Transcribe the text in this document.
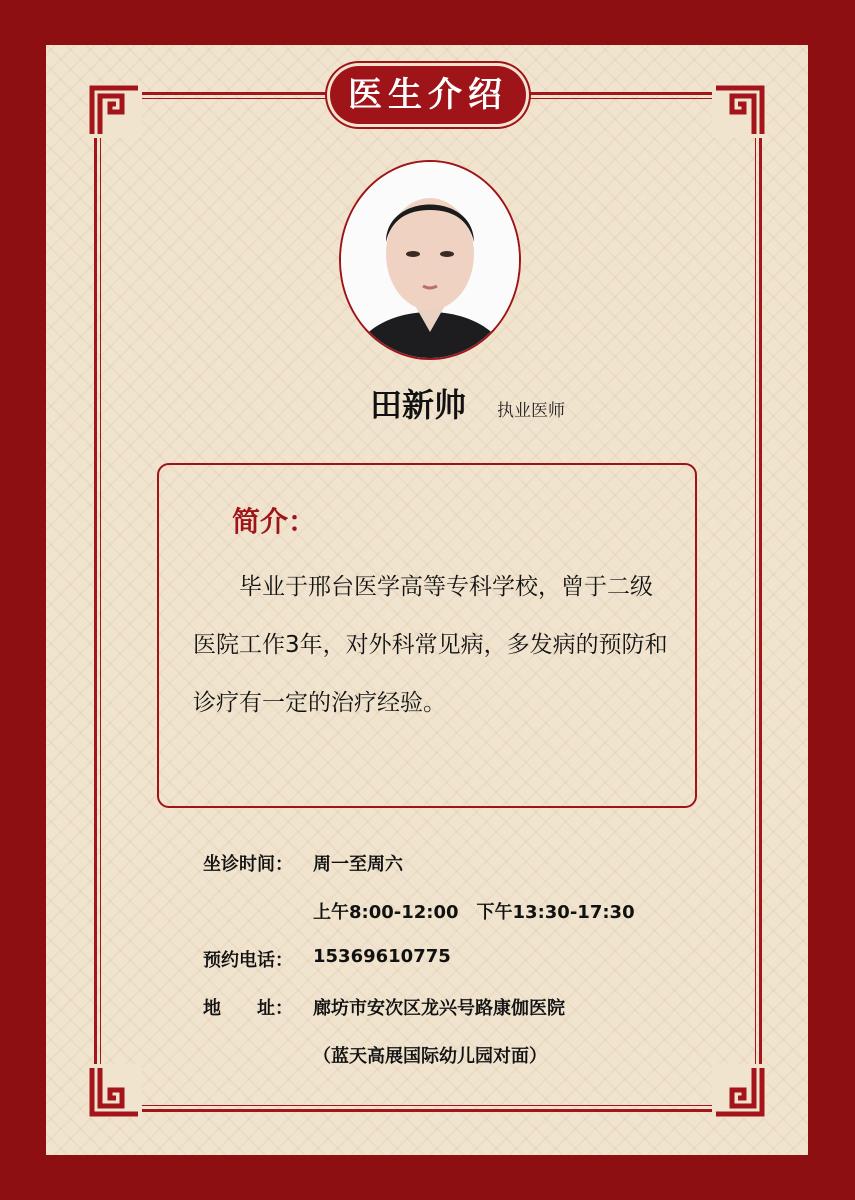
医生介绍
田新帅 执业医师
简介：

毕业于邢台医学高等专科学校，曾于二级医院工作3年，对外科常见病，多发病的预防和诊疗有一定的治疗经验。

坐诊时间： 周一至周六
上午8:00-12:00　下午13:30-17:30
预约电话： 15369610775
地　　址： 廊坊市安次区龙兴号路康伽医院
（蓝天高展国际幼儿园对面）
